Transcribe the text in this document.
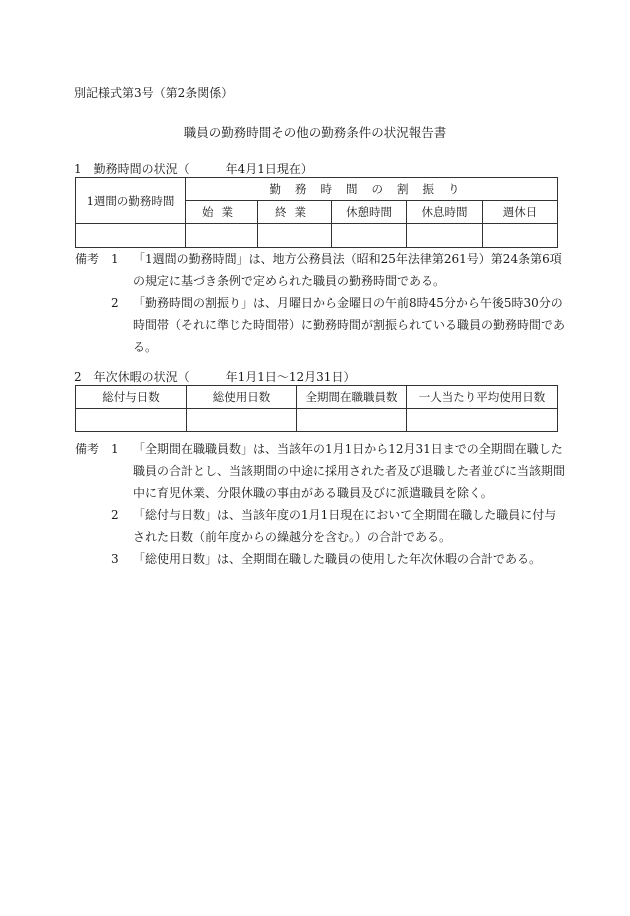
別記様式第3号（第2条関係）
職員の勤務時間その他の勤務条件の状況報告書
1　勤務時間の状況（　　　年4月1日現在）
1週間の勤務時間	勤務時間の割振り				
	始業	終業	休憩時間	休息時間	週休日

備考 1 「1週間の勤務時間」は、地方公務員法（昭和25年法律第261号）第24条第6項の規定に基づき条例で定められた職員の勤務時間である。
2 「勤務時間の割振り」は、月曜日から金曜日の午前8時45分から午後5時30分の時間帯（それに準じた時間帯）に勤務時間が割振られている職員の勤務時間である。
2　年次休暇の状況（　　　年1月1日～12月31日）
総付与日数	総使用日数	全期間在職職員数	一人当たり平均使用日数

備考 1 「全期間在職職員数」は、当該年の1月1日から12月31日までの全期間在職した職員の合計とし、当該期間の中途に採用された者及び退職した者並びに当該期間中に育児休業、分限休職の事由がある職員及びに派遣職員を除く。
2 「総付与日数」は、当該年度の1月1日現在において全期間在職した職員に付与された日数（前年度からの繰越分を含む。）の合計である。
3 「総使用日数」は、全期間在職した職員の使用した年次休暇の合計である。
